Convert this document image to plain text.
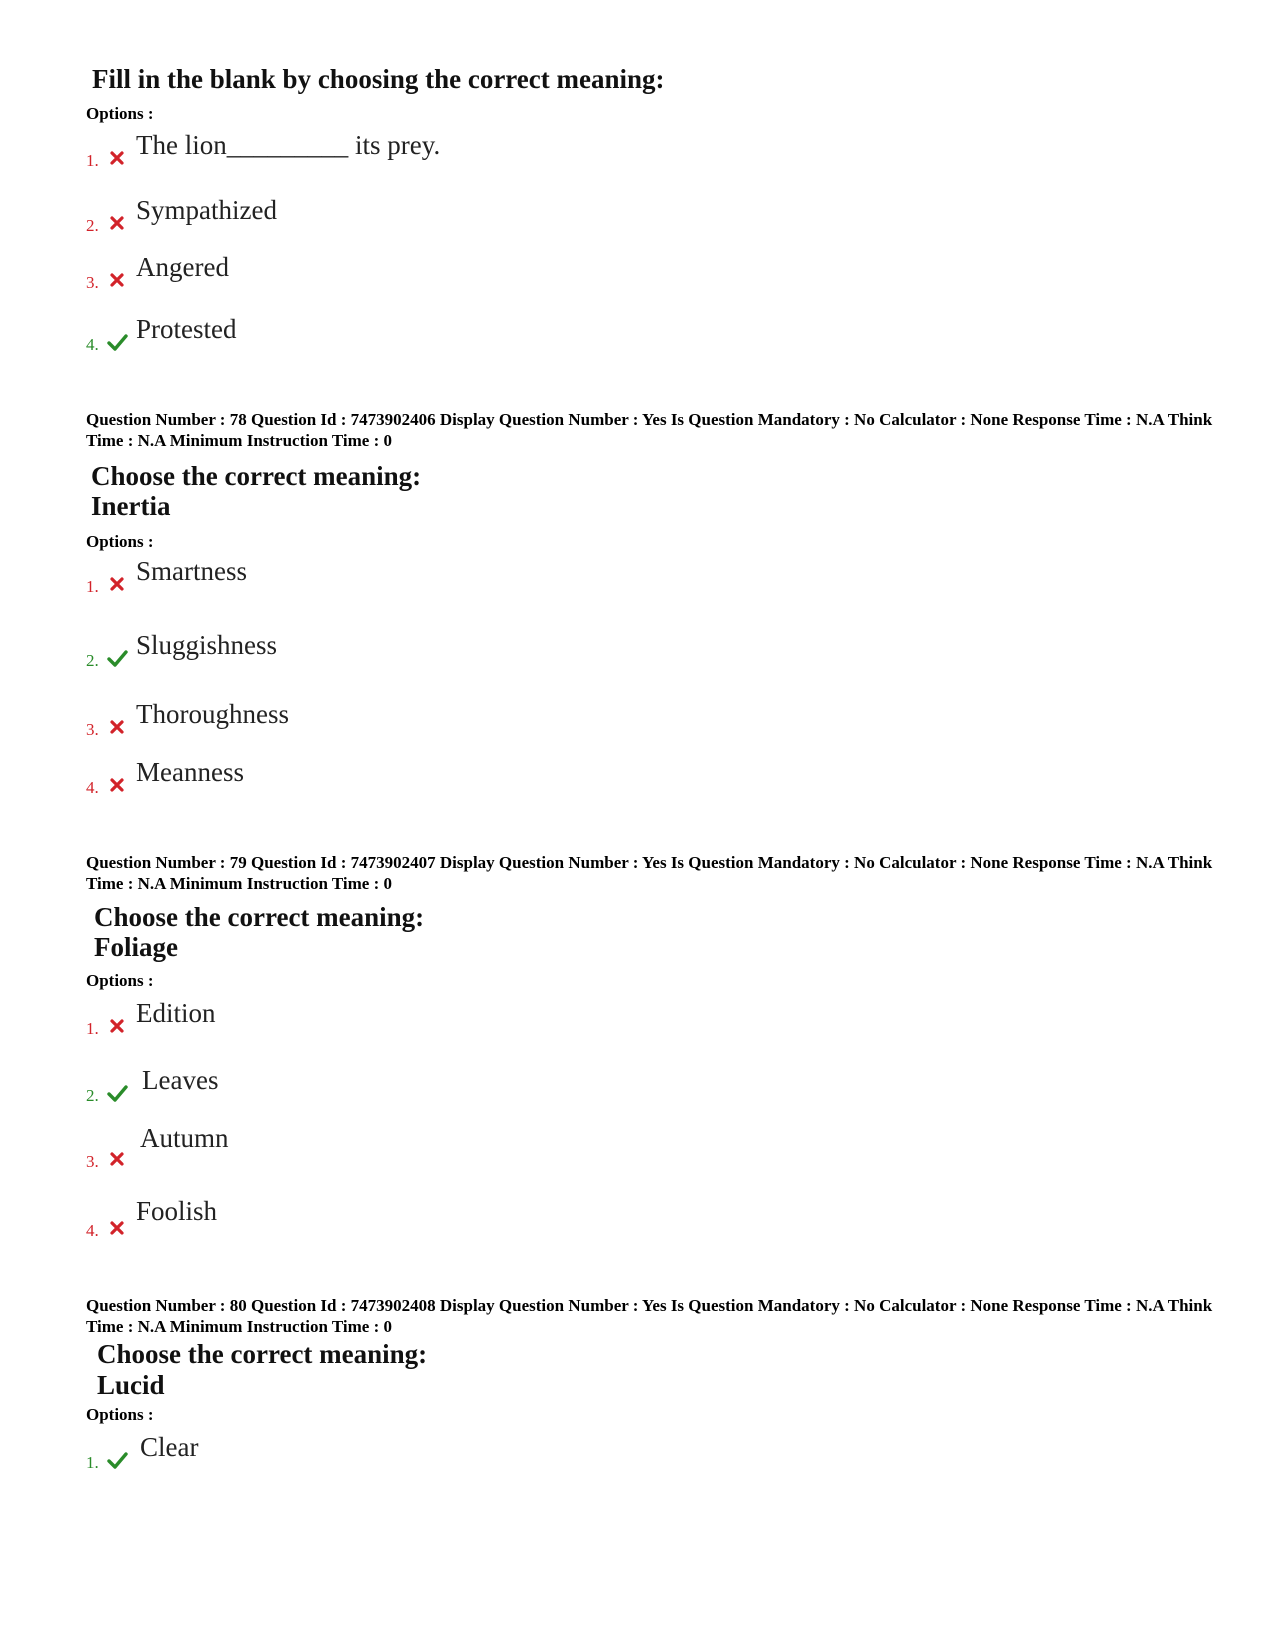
Fill in the blank by choosing the correct meaning:
Options :
1.
The lion_________ its prey.
2.
Sympathized
3.
Angered
4.
Protested
Question Number : 78 Question Id : 7473902406 Display Question Number : Yes Is Question Mandatory : No Calculator : None Response Time : N.A Think Time : N.A Minimum Instruction Time : 0
Choose the correct meaning:
Inertia
Options :
1.
Smartness
2.
Sluggishness
3.
Thoroughness
4.
Meanness
Question Number : 79 Question Id : 7473902407 Display Question Number : Yes Is Question Mandatory : No Calculator : None Response Time : N.A Think Time : N.A Minimum Instruction Time : 0
Choose the correct meaning:
Foliage
Options :
1.
Edition
2.
Leaves
3.
Autumn
4.
Foolish
Question Number : 80 Question Id : 7473902408 Display Question Number : Yes Is Question Mandatory : No Calculator : None Response Time : N.A Think Time : N.A Minimum Instruction Time : 0
Choose the correct meaning:
Lucid
Options :
1.
Clear
